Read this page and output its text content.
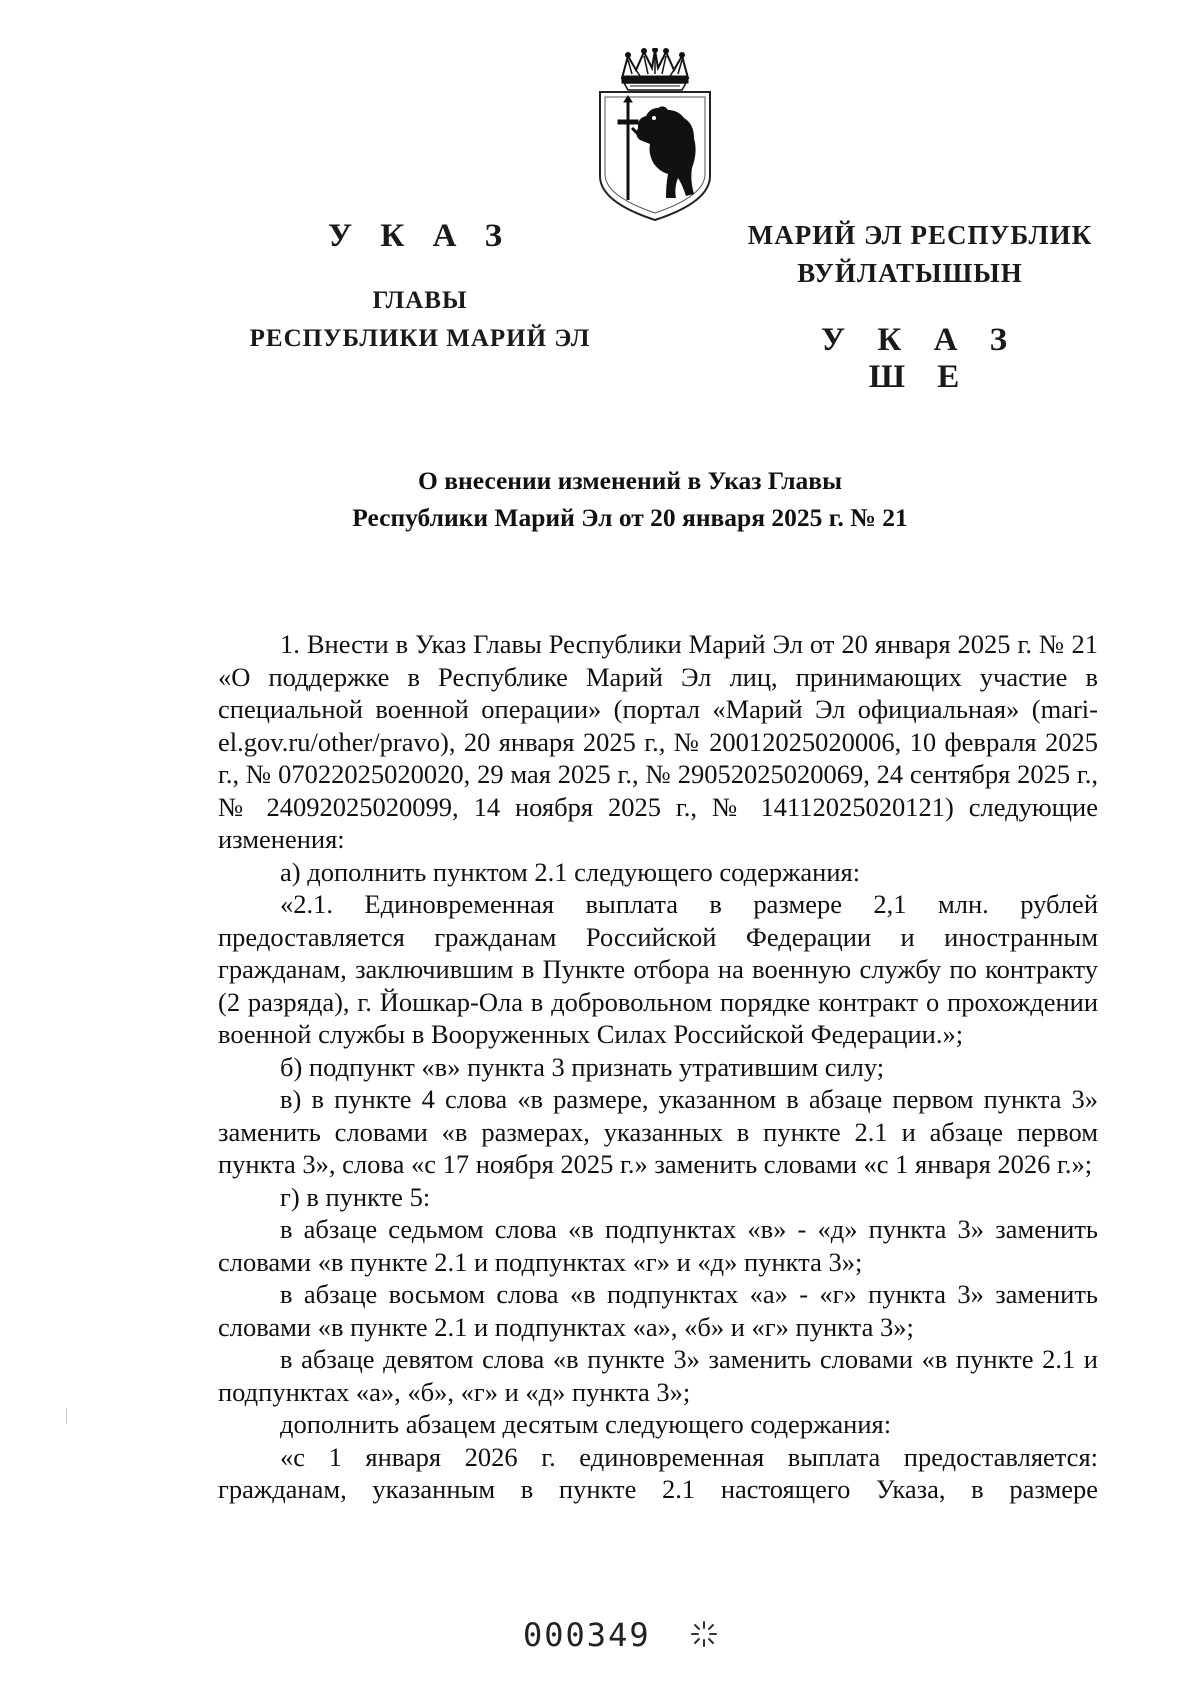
У К А З
ГЛАВЫ
РЕСПУБЛИКИ МАРИЙ ЭЛ
МАРИЙ ЭЛ РЕСПУБЛИК
ВУЙЛАТЫШЫН
У К А З Ш Е
О внесении изменений в Указ Главы
Республики Марий Эл от 20 января 2025 г. № 21

1. Внести в Указ Главы Республики Марий Эл от 20 января 2025 г. № 21 «О поддержке в Республике Марий Эл лиц, принимающих участие в специальной военной операции» (портал «Марий Эл официальная» (mari-el.gov.ru/other/pravo), 20 января 2025 г., № 20012025020006, 10 февраля 2025 г., № 07022025020020, 29 мая 2025 г., № 29052025020069, 24 сентября 2025 г., № 24092025020099, 14 ноября 2025 г., № 14112025020121) следующие изменения:

а) дополнить пунктом 2.1 следующего содержания:

«2.1. Единовременная выплата в размере 2,1 млн. рублей предоставляется гражданам Российской Федерации и иностранным гражданам, заключившим в Пункте отбора на военную службу по контракту (2 разряда), г. Йошкар-Ола в добровольном порядке контракт о прохождении военной службы в Вооруженных Силах Российской Федерации.»;

б) подпункт «в» пункта 3 признать утратившим силу;

в) в пункте 4 слова «в размере, указанном в абзаце первом пункта 3» заменить словами «в размерах, указанных в пункте 2.1 и абзаце первом пункта 3», слова «с 17 ноября 2025 г.» заменить словами «с 1 января 2026 г.»;

г) в пункте 5:

в абзаце седьмом слова «в подпунктах «в» - «д» пункта 3» заменить словами «в пункте 2.1 и подпунктах «г» и «д» пункта 3»;

в абзаце восьмом слова «в подпунктах «а» - «г» пункта 3» заменить словами «в пункте 2.1 и подпунктах «а», «б» и «г» пункта 3»;

в абзаце девятом слова «в пункте 3» заменить словами «в пункте 2.1 и подпунктах «а», «б», «г» и «д» пункта 3»;

дополнить абзацем десятым следующего содержания:

«с 1 января 2026 г. единовременная выплата предоставляется: гражданам, указанным в пункте 2.1 настоящего Указа, в размере

000349
